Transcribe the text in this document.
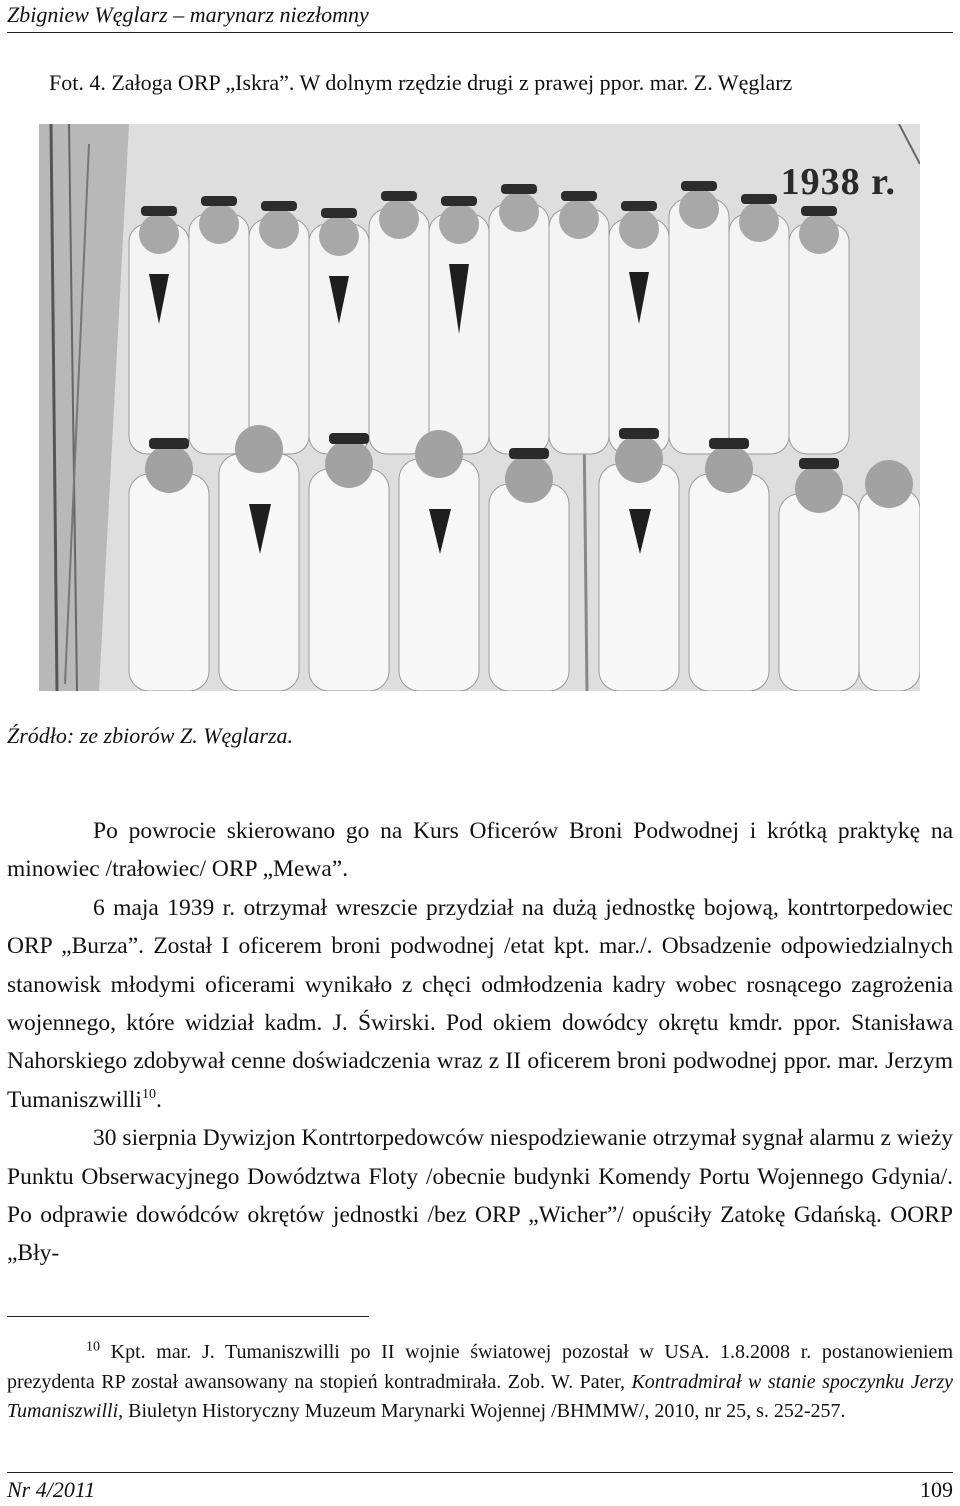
Zbigniew Węglarz – marynarz niezłomny
Fot. 4. Załoga ORP „Iskra”. W dolnym rzędzie drugi z prawej ppor. mar. Z. Węglarz
1938 r.
Źródło: ze zbiorów Z. Węglarza.

Po powrocie skierowano go na Kurs Oficerów Broni Podwodnej i krótką praktykę na minowiec /trałowiec/ ORP „Mewa”.

6 maja 1939 r. otrzymał wreszcie przydział na dużą jednostkę bojową, kontrtorpedowiec ORP „Burza”. Został I oficerem broni podwodnej /etat kpt. mar./. Obsadzenie odpowiedzialnych stanowisk młodymi oficerami wynikało z chęci odmłodzenia kadry wobec rosnącego zagrożenia wojennego, które widział kadm. J. Świrski. Pod okiem dowódcy okrętu kmdr. ppor. Stanisława Nahorskiego zdobywał cenne doświadczenia wraz z II oficerem broni podwodnej ppor. mar. Jerzym Tumaniszwilli$^{10}$.

30 sierpnia Dywizjon Kontrtorpedowców niespodziewanie otrzymał sygnał alarmu z wieży Punktu Obserwacyjnego Dowództwa Floty /obecnie budynki Komendy Portu Wojennego Gdynia/. Po odprawie dowódców okrętów jednostki /bez ORP „Wicher”/ opuściły Zatokę Gdańską. OORP „Bły-

$^{10}$ Kpt. mar. J. Tumaniszwilli po II wojnie światowej pozostał w USA. 1.8.2008 r. postanowieniem prezydenta RP został awansowany na stopień kontradmirała. Zob. W. Pater, Kontradmirał w stanie spoczynku Jerzy Tumaniszwilli, Biuletyn Historyczny Muzeum Marynarki Wojennej /BHMMW/, 2010, nr 25, s. 252-257.

Nr 4/2011	109
